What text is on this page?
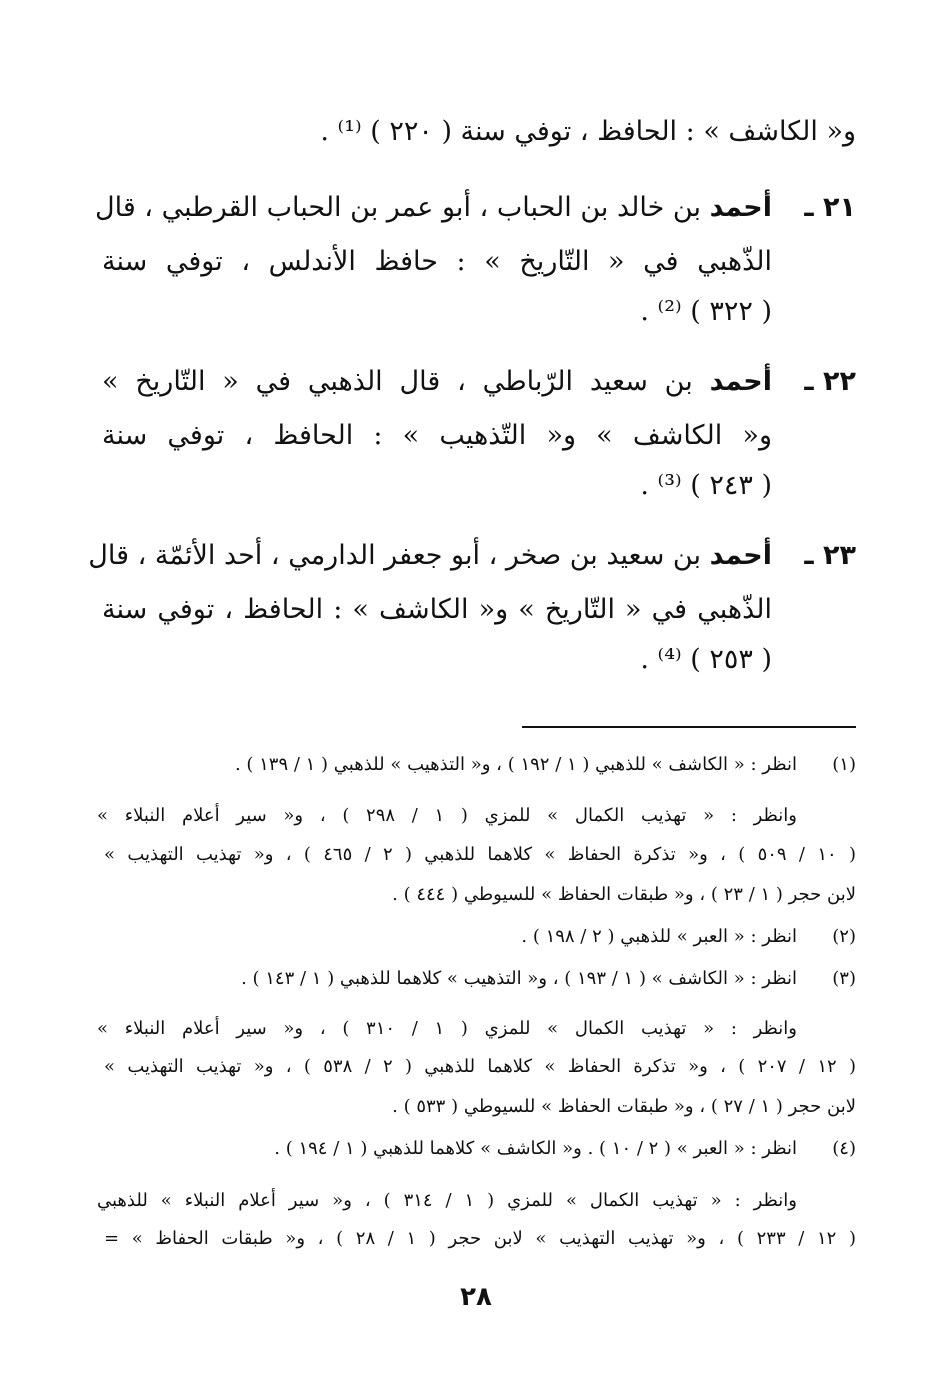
و« الكاشف » : الحافظ ، توفي سنة ( ٢٢٠ ) ⁽¹⁾ .
٢١ ـ
أحمد بن خالد بن الحباب ، أبو عمر بن الحباب القرطبي ، قال
الذّهبي في « التّاريخ » : حافظ الأندلس ، توفي سنة
( ٣٢٢ ) ⁽²⁾ .
٢٢ ـ
أحمد بن سعيد الرّباطي ، قال الذهبي في « التّاريخ »
و« الكاشف » و« التّذهيب » : الحافظ ، توفي سنة
( ٢٤٣ ) ⁽³⁾ .
٢٣ ـ
أحمد بن سعيد بن صخر ، أبو جعفر الدارمي ، أحد الأئمّة ، قال
الذّهبي في « التّاريخ » و« الكاشف » : الحافظ ، توفي سنة
( ٢٥٣ ) ⁽⁴⁾ .
(١)
انظر : « الكاشف » للذهبي ( ١ / ١٩٢ ) ، و« التذهيب » للذهبي ( ١ / ١٣٩ ) .
وانظر : « تهذيب الكمال » للمزي ( ١ / ٢٩٨ ) ، و« سير أعلام النبلاء »
( ١٠ / ٥٠٩ ) ، و« تذكرة الحفاظ » كلاهما للذهبي ( ٢ / ٤٦٥ ) ، و« تهذيب التهذيب »
لابن حجر ( ١ / ٢٣ ) ، و« طبقات الحفاظ » للسيوطي ( ٤٤٤ ) .
(٢)
انظر : « العبر » للذهبي ( ٢ / ١٩٨ ) .
(٣)
انظر : « الكاشف » ( ١ / ١٩٣ ) ، و« التذهيب » كلاهما للذهبي ( ١ / ١٤٣ ) .
وانظر : « تهذيب الكمال » للمزي ( ١ / ٣١٠ ) ، و« سير أعلام النبلاء »
( ١٢ / ٢٠٧ ) ، و« تذكرة الحفاظ » كلاهما للذهبي ( ٢ / ٥٣٨ ) ، و« تهذيب التهذيب »
لابن حجر ( ١ / ٢٧ ) ، و« طبقات الحفاظ » للسيوطي ( ٥٣٣ ) .
(٤)
انظر : « العبر » ( ٢ / ١٠ ) . و« الكاشف » كلاهما للذهبي ( ١ / ١٩٤ ) .
وانظر : « تهذيب الكمال » للمزي ( ١ / ٣١٤ ) ، و« سير أعلام النبلاء » للذهبي
( ١٢ / ٢٣٣ ) ، و« تهذيب التهذيب » لابن حجر ( ١ / ٢٨ ) ، و« طبقات الحفاظ » =
٢٨
